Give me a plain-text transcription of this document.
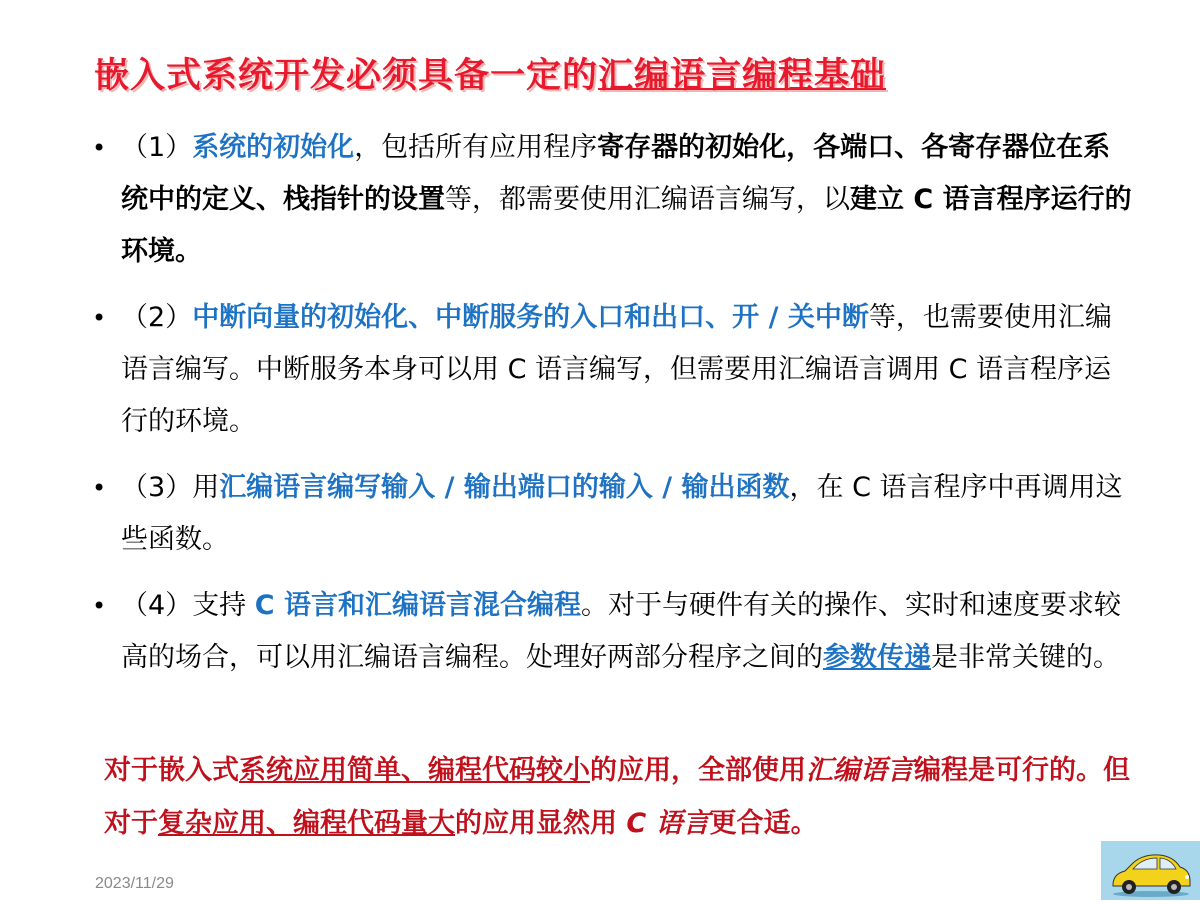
嵌入式系统开发必须具备一定的汇编语言编程基础
• （1）系统的初始化，包括所有应用程序寄存器的初始化，各端口、各寄存器位在系统中的定义、栈指针的设置等，都需要使用汇编语言编写，以建立 C 语言程序运行的环境。
• （2）中断向量的初始化、中断服务的入口和出口、开 / 关中断等，也需要使用汇编语言编写。中断服务本身可以用 C 语言编写，但需要用汇编语言调用 C 语言程序运行的环境。
• （3）用汇编语言编写输入 / 输出端口的输入 / 输出函数，在 C 语言程序中再调用这些函数。
• （4）支持 C 语言和汇编语言混合编程。对于与硬件有关的操作、实时和速度要求较高的场合，可以用汇编语言编程。处理好两部分程序之间的参数传递是非常关键的。
对于嵌入式系统应用简单、编程代码较小的应用，全部使用汇编语言编程是可行的。但对于复杂应用、编程代码量大的应用显然用 C 语言更合适。
2023/11/29
